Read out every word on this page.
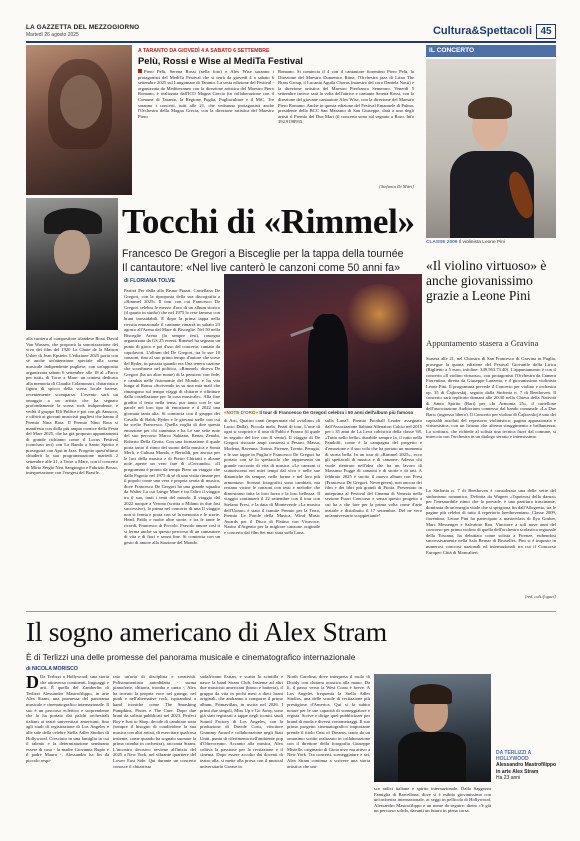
LA GAZZETTA DEL MEZZOGIORNO
Martedì 26 agosto 2025	Cultura&Spettacoli 45
A TARANTO DA GIOVEDÌ 4 A SABATO 6 SETTEMBRE
Pelù, Rossi e Wise al MediTa Festival
Piero Pelù, Serena Rossi (nella foto) e Alex Wise saranno i protagonisti del MediTa Festival che si terrà da giovedì 4 a sabato 6 settembre 2025 sul Lungomare di Taranto. La sesta edizione del Festival - organizzata da Mediterraneo con la direzione artistica del Maestro Piero Romano, è realizzata dall'ICO Magna Grecia (in collaborazione con il Comune di Taranto, la Regione Puglia, Pugliaculture e il MiC. Tre saranno i concerti, tutti alle 21, che vedranno protagonisti anche l'Orchestra della Magna Grecia, con la direzione artistica del Maestro Piero
Romano. Si comincia il 4 con il cantautore fiorentino Piero Pelù, la Direzione del Maestro Domenico Riina, l'Orchestra jazz di Liina The Brass Group, il Lucania Aguila Chorus (maestro del coro Daniela Nasti) e la direzione artistica del Maestro Pierfranco Semeraro. Venerdì 5 settembre invece sarà la volta dell'attrice e cantante Serena Rossi, con la direzione del giovane cantautore Alex Wise, con la direzione del Maestro Piero Romano. Anche in questa edizione del Festival Emanuele di Palma, presidente della BCC San Marzano di San Giuseppe, darà a uno degli artisti il Premio del Due Mari (il concerto sono sul segnato a Roro. Info 392.9198935.
[Stefania Di Mitri]
IL CONCERTO
CLASSE 2009 Il violinista Leone Pini
Tocchi di «Rimmel»
Francesco De Gregori a Bisceglie per la tappa della tournée
Il cantautore: «Nel live canterò le canzoni come 50 anni fa»
alla carriera al compositore irlandese Rossi David Van Wassen, che proporrà la sonorizzazione del vivo del film del 1920 La Chute de la Maison Usher di Jean Epstein. L'edizione 2025 porta con sé anche un'attenzione speciale alla scena musicale indipendente pugliese, con un'apposita organizzata sabato 6 settembre alle 18 al «Parco per tutti» di Torre a Mare: un contest dedicato alla memoria di Claudia Colamonaci, chitarrista e figura di spicco della scena locale barese, recentemente scomparsa. L'evento sarà un omaggio a un artista che ha segnato profondamente la scena rock indipendente, e vedrà il gruppo Elli Pollice e poi con gli Anuscor, e offrirà ai giovani musicisti pugliesi che hanno il Premio Nina Rota. Il Premio Nino Rota si manifesta con della più ampia cornice della Festa del Mare 2025, che ha già proposto appuntamenti di grande richiamo come il Locus Festival (concluso ieri) con La Banda a Santo Spirito e proseguirà con Apri in Jazz. Progetto quest'ultimo chiuderà la sua programmazione martedì 2 settembre alle 21, a Torre a Mare, con il concerto di Mirio Sergio Neri Sangiorgio e Fabrizio Bosso, interpretazione con l'esegesi del Brasile.
di FLORIANA TOLVE
Partirà Per dalla alla Bruno Piazzi. Castellana De Gregori, con la riproposta della sua discografia a «Rimmel 2025» Il tour con cui Francesco De Gregori celebra le mezzo d'oro di un album storico (il quarto in studio) che nel 1975 lo rese famoso con brani inossidabili. E dopo la prima tappa nella rivisita emozionale il cantante rimarrà in sabato 23 agosto all'Arena del Mare di Bisceglie. Nel 50 nella Bisceglie Arena (la sempre fest), rassegna organizzata da GS 25 eventi. Rimmel ha segnato un punto di gioco e poi d'uso del concerto, cantato da capolavori. L'album del De Gregori, tra le sue 10 canzoni, fino al suo primo tempo d'autore che scese del Ryder, in passata quando era Una tenera cazione che sconfinava nel politico, «Rimmel» diceva De Gregori (ha un altro nome) di la pensiero con fede, e cambia nelle fisionomie del Mondo, e ha vita lunga al Roma «Scrivendo in su una mia mail che rimangono sul tempo viaggi di chitarre e rifiniture dalla costellazione per la cosa musicale». Alla fine gradito il testo nella tema, pur tanto con le sue parole nel loro tipo di emozione e il 2022 una giornata tanta alta. Si comincia con il gruppo dei Cavallo di Baldi, Ryder e le giovani stelle con cui ha scelto Francesco. Quella voglia di dire questa emozione per chi cammina e ha Le sue sette note del suo percorso Marco Sabiano, Renzo Zenobi, Roberto Della Grotta. Con una formazione il quale porta tanto il ritmo del suono della musica e Sonia Merli, e Cultura Monda, e Bertoldi, per ancora per le luci della musica e di Pietro Chiriatti e alcune note aperte un vero fare di «Cercando». «Il programma è pronto da tempo Piero un viaggio che dalla Fagotto nel 1975 di sé di una visita rimane per il popolo come una vera e propria serata di musica, dove Francesco De Gregori ha una grande squadra da Walter La cui Lungo Mare e tra l'altro il viaggio tra il suo, tanti i temi del mondo. Il viaggio dal 2022 nacque a Verona (scritta a Milano in due fasi successive), la prima nel concerto di una Il viaggio non si ferma e porta con sé la memoria e le storie. Head, Pablo e molte altre storie, e tra le tante le ricordi, Francesco di Piccolo. Fravolo amore così ti si ferma anche su questo percorso di un cantautore di vita e di fiori e senza fine. Si comincia con un gesto di amore alla Stazione del Mondo.
«NOTE D'ORO» Il tour di Francesco De Gregori celebra i 50 anni dell'album più famoso
di Arti, Quattro canti (imperniata dal «violino» di Lucio Dalla), Piccola mela, Pezzi di tour, L'arte di ogni si scoprirò e il tour di Pablo e Franco (il quale in seguito del live con Il vento). Il viaggio di De Gregori riscuote ampi consensi a Pesaro, Massa, Modena, Ravenna, Torino, Firenze, Trento, Perugia, e le sue tappe in Puglia e Francesco De Gregori ha portato con sé lo spettacolo che rappresenta un grande racconto di vita di musica. «Le canzoni ti scaturiscono nei miei tempi dal vivo e nelle sue dinamiche da sempre, nelle forme e nel loro più armonioso. Scenari fotografici sono cambiati, ma restano vicine le canzoni con testi e melodie che dimostrano tutta la loro forza e la loro bellezza. Il viaggio continuerà il 22 settembre con il tour con Stefano Fresi, e la data di Monteverde «La musica dell'Uomo» è stato il tramite Premio per la Terra, Premio Le Parole della Musica, Wind Music Awards per il Disco di Platino con Vivavoce, Nastro d'Argento per la migliore canzone originale e concerto dal film Sei mai stata sulla Luna.
sulla Luna?, Premio Football Leader assegnato dall'Associazione Italiana Allenatori Calcio nel 2015 per i 35 anni de La Leva calcistica della classe '68, «Tutto nello bello» durabile sempre la, il tutto nella Pandolfi, come è la campagna del progetto e d'emozione e il suo volo che ha portato un momento di storia bella. In un tour di «Rimmel 2025», ecco gli spettacoli di musica e di canzone. Adesso chi vuole rientrare nell'idea che ha un lavoro di Massimo Fugge di canzoni e di storie e di arti. A febbraio 2025 è uscito il nuovo album con Fresi (Francesco De Gregori. Nevergreen), non ancora dei film e dei libri più grandi di Piotta. Presentato in anteprima al Festival del Cinema di Venezia nella sezione Fuori Concorso e senza questo progetto a cui ha a che fare per la prima volta come d'arte teatrale e distribuito il 17 settembre. Del ne vero un'anniversario scoppiettante!
«Il violino virtuoso» è anche giovanissimo grazie a Leone Pini
Appuntamento stasera a Gravina
Stasera alle 21, nel Chiostro di San Francesco di Gravina in Puglia, prosegue la quarta edizione del Festival Giovanile della Lirica (Biglietto a 5 euro, infoline: 349.563.73.40). L'appuntamento è con il concerto «Il violino virtuoso», con protagonisti l'Orchestra da Camera Fiorentina, diretta da Giuseppe Lanzetta, e il giovanissimo violinista Leone Pini. Il programma prevede il Concerto per violino e orchestra op. 35 di Čajkovskij, seguito dalla Sinfonia n. 7 di Beethoven. Il concerto sarà replicato domani alle 20.30 nella Chiesa della Natività di Santo Spirito (Bari) per «In Armonia 25», il cartellone dell'associazione Auditorium connesso dal bando comunale «La Due Bari» (ingresso libero). Il Concerto per violino di Čajkovskij è uno dei capisaldi assoluti del repertorio violinistico; pagina appassionata e virtuosistica, con un lirismo che alterna struggimento e brillantezza. La scrittura, che richiede al solista una tecnica fuori dal comune, si intreccia con l'orchestra in un dialogo serrato e intensissimo.
La Sinfonia n. 7 di Beethoven è considerata una delle vette del sinfonismo romantico. Definita da Wagner «l'apoteosi della danza» per l'inesauribile ritmo che la pervade, è una partitura trascinante, dominata da un'energia vitale che si sprigiona fin dall'Allegretto, tra le pagine più celebri di tutto il repertorio beethoveniano. Classe 2009, fiorentino, Leone Pini ha partecipato a masterclass di Ilya Gruber, Marc Messenger e Salvatore Rao. Vincitore a soli nove anni del concorso per primo violino di quella dell'orchestra scolastica regionale della Toscana, ha debuttato come solista a Firenze, esibendosi successivamente nella Sala Bernar di Bruxelles. Pini si è imposto in numerosi concorsi nazionali ed internazionali tra cui il Concorso Europeo Città di Moncalieri.
[red. cult./fogaci]
Il sogno americano di Alex Stram
È di Terlizzi una delle promesse del panorama musicale e cinematografico internazionale
di NICOLA MORISCO
D Da Terlizzi a Hollywood: una storia che attraversa continenti, linguaggi e arti. È quella del Zamberlin di Terlizzi Alessandro Mastrofilippo, in arte Alex Stram, una promessa del panorama musicale e cinematografico internazionale. Il suo è un percorso eclettico e sorprendente che lo ha portato dai palchi orchestrali italiani ai teatri universitari americani, fino agli studi di registrazione di Los Angeles e alle sale della celebre Stella Adler Studios di Hollywood. Cresciuto in una famiglia in cui il talento e la determinazione sembrano essere di casa - la madre Giovanna Rupio e il padre Mauro -, Alessandro ha fin da piccolo respi-
rato un'aria di disciplina e creatività. Polistrumentista autodidatta - suona pianoforte, chitarra, tromba e canta -, Alex ha trovato la propria voce nel grunge, nel punk e nell'alternative rock, ispirandosi a band iconiche come The Smashing Pumpkins, Pixies e The Cure. Dopo due brani da solista pubblicati nel 2023, Perfect Boy e Just to Shop, decide di cambiare rotta (sempre il bisogno di condividere la sua musica con altri artisti, di esercitare qualcosa insieme, come quando ha sognato suonare la prima tromba in orchestra), racconta Stram. L'incontro decisivo avviene all'inizio del 2025 a New York, nel vibrante quartiere del Lower East Side. Qui durante un concerto conosce il chitarrista
sudafricano Estian, e scatta la scintilla e nasce la band Stram Club. Insieme ad altri due musicisti americani (basso e batteria), il gruppo da vita in pochi mesi a dieci brani originali, che andranno a comporre il primo album, Primavillan, in uscita nel 2026. I primi due singoli, Miss Up e Go Away, sono già stati registrati a tappe negli iconici studi Sound Factory di Los Angeles, con la produzione di Davide Corti, vincitore Grammy Award e collaborazione negli Stati Uniti, punto di riferimento nell'ambiente pop d'Oltreoceano. Accanto alla musica, Alex coltiva la passione per la recitazione e il cinema. Dopo essere accolto dai docenti di teatro alla, si mette alla prova con il musical universitario Grease in
North Carolina, dove interpreta il ruolo di Doody con chitarra acustica alla mano. Da lì, il passo verso la West Coast è breve. A Los Angeles frequenta la Stella Adler Studios, una delle scuole di recitazione più prestigiose d'America. Qui si fa subito notare per le sue capacità di sceneggiatore e regista. Scrive e dirige quel pubblicizzer per brand di moda e diversi cortometraggi. Il suo primo progetto cinematografico importante prende il titolo Oasi of Dreams, tratto da un omonimo scritto realizzato in collaborazione con il direttore della fotografia Giuseppe Mistelle, originario di Gioia urzo ma attivo a New York. Tra concerti, sceneggiature e set, Alex Stram continua a scrivere una storia artistica che uni-
sce radici italiane e spirito internazionale. Dalla Saggezza Famiglia di Barcellona, dove si è esibito giovanissimo con un'orchestra internazionale, ai seggi in pellicola di Hollywood, Alessandro Mastrofilippo e un nome da seguire: dietro c'è già un percorso solido, davanti un futuro in piena corsa.
DA TERLIZZI A HOLLYWOOD
Alessandro Mastrofilippo in arte Alex Stram
Ha 23 anni
